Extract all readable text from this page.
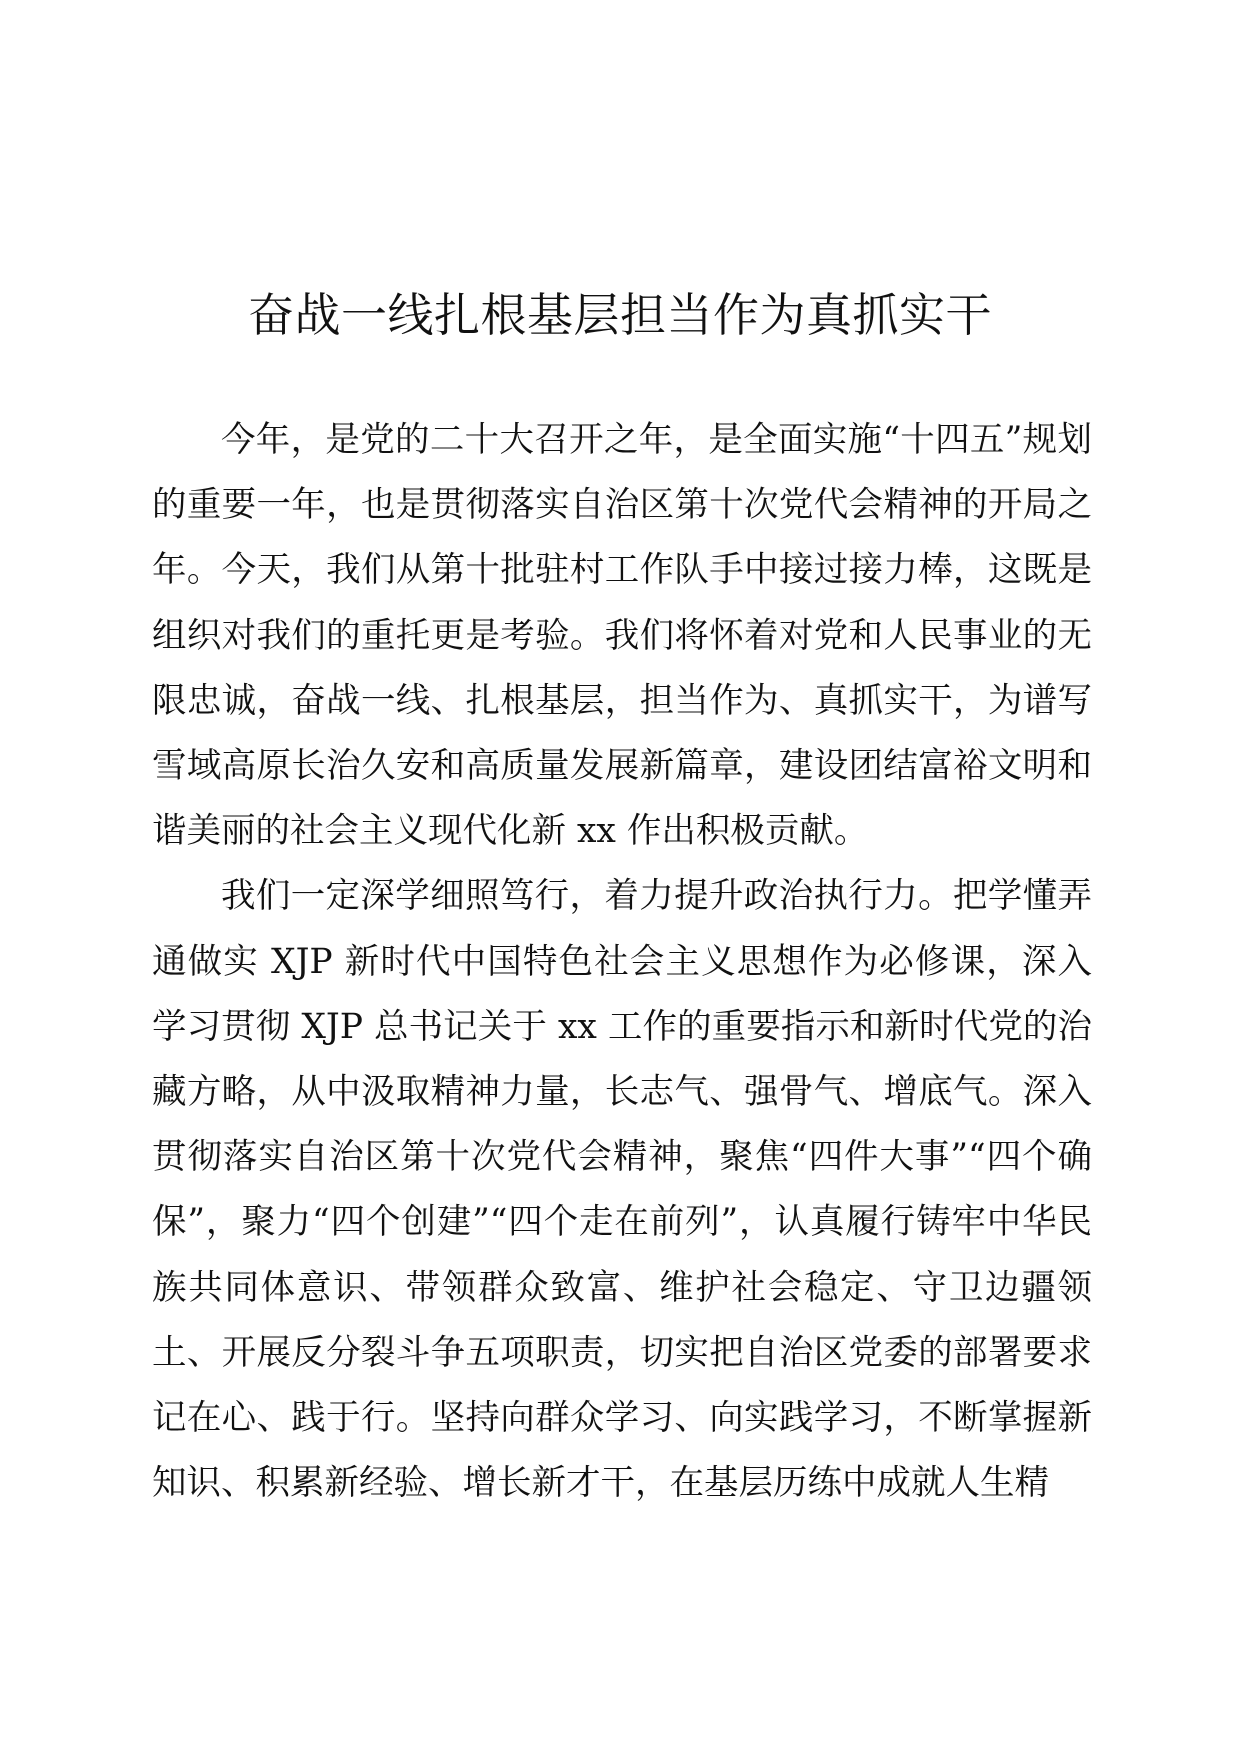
奋战一线扎根基层担当作为真抓实干

今年，是党的二十大召开之年，是全面实施“十四五”规划的重要一年，也是贯彻落实自治区第十次党代会精神的开局之年。今天，我们从第十批驻村工作队手中接过接力棒，这既是组织对我们的重托更是考验。我们将怀着对党和人民事业的无限忠诚，奋战一线、扎根基层，担当作为、真抓实干，为谱写雪域高原长治久安和高质量发展新篇章，建设团结富裕文明和谐美丽的社会主义现代化新 xx 作出积极贡献。

我们一定深学细照笃行，着力提升政治执行力。把学懂弄通做实 XJP 新时代中国特色社会主义思想作为必修课，深入学习贯彻 XJP 总书记关于 xx 工作的重要指示和新时代党的治藏方略，从中汲取精神力量，长志气、强骨气、增底气。深入贯彻落实自治区第十次党代会精神，聚焦“四件大事”“四个确保”，聚力“四个创建”“四个走在前列”，认真履行铸牢中华民族共同体意识、带领群众致富、维护社会稳定、守卫边疆领土、开展反分裂斗争五项职责，切实把自治区党委的部署要求记在心、践于行。坚持向群众学习、向实践学习，不断掌握新知识、积累新经验、增长新才干，在基层历练中成就人生精
